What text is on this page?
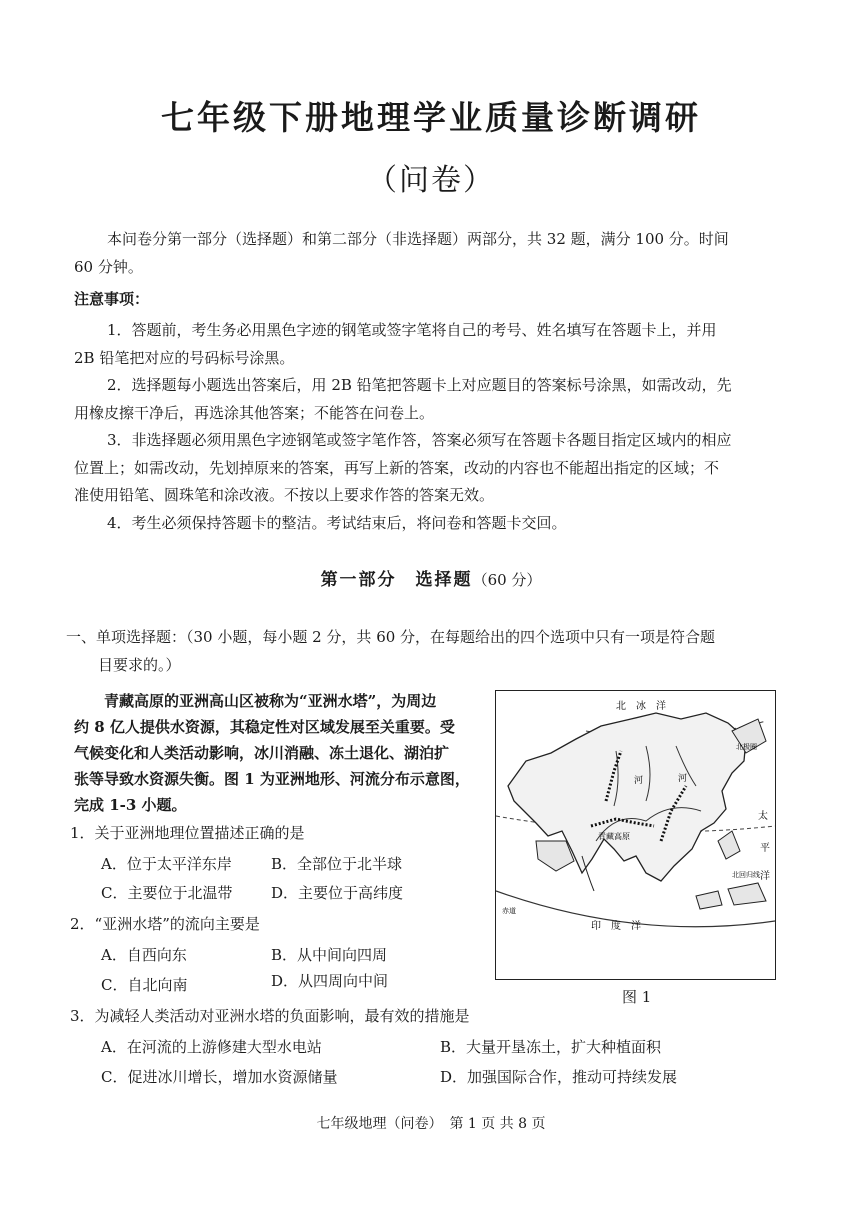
七年级下册地理学业质量诊断调研
（问卷）
本问卷分第一部分（选择题）和第二部分（非选择题）两部分，共 32 题，满分 100 分。时间
60 分钟。
注意事项：
1．答题前，考生务必用黑色字迹的钢笔或签字笔将自己的考号、姓名填写在答题卡上，并用
2B 铅笔把对应的号码标号涂黑。
2．选择题每小题选出答案后，用 2B 铅笔把答题卡上对应题目的答案标号涂黑，如需改动，先
用橡皮擦干净后，再选涂其他答案；不能答在问卷上。
3．非选择题必须用黑色字迹钢笔或签字笔作答，答案必须写在答题卡各题目指定区域内的相应
位置上；如需改动，先划掉原来的答案，再写上新的答案，改动的内容也不能超出指定的区域；不
准使用铅笔、圆珠笔和涂改液。不按以上要求作答的答案无效。
4．考生必须保持答题卡的整洁。考试结束后，将问卷和答题卡交回。
第一部分　选择题（60 分）
一、单项选择题：（30 小题，每小题 2 分，共 60 分，在每题给出的四个选项中只有一项是符合题
目要求的。）
青藏高原的亚洲高山区被称为“亚洲水塔”，为周边
约 8 亿人提供水资源，其稳定性对区域发展至关重要。受
气候变化和人类活动影响，冰川消融、冻土退化、湖泊扩
张等导致水资源失衡。图 1 为亚洲地形、河流分布示意图，
完成 1-3 小题。
1．关于亚洲地理位置描述正确的是
A．位于太平洋东岸	B．全部位于北半球
C．主要位于北温带	D．主要位于高纬度
2．“亚洲水塔”的流向主要是
A．自西向东	B．从中间向四周
C．自北向南	D．从四周向中间
3．为减轻人类活动对亚洲水塔的负面影响，最有效的措施是
A．在河流的上游修建大型水电站	B．大量开垦冻土，扩大种植面积
C．促进冰川增长，增加水资源储量	D．加强国际合作，推动可持续发展
北　冰　洋
太
平
洋
印　度　洋
青藏高原
北回归线
赤道
北极圈
河	河
图 1
七年级地理（问卷）　第 1 页 共 8 页
